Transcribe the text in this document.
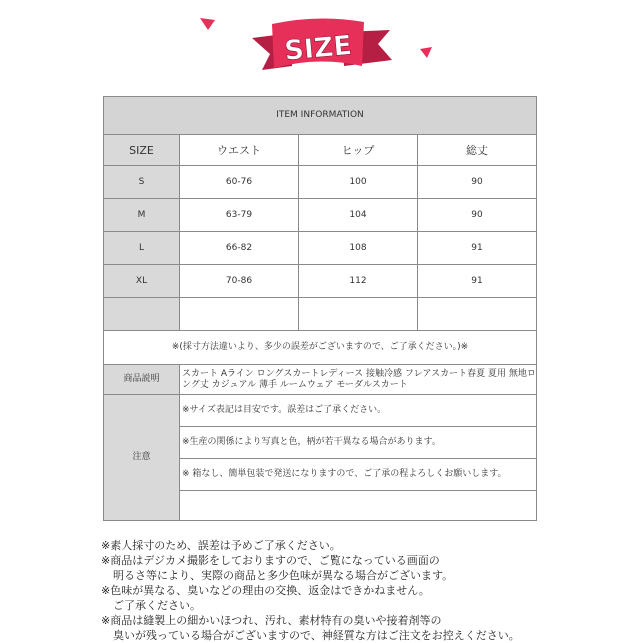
SIZE
ITEM INFORMATION			
SIZE	ウエスト	ヒップ	総丈
S	60-76	100	90
M	63-79	104	90
L	66-82	108	91
XL	70-86	112	91

※(採寸方法違いより、多少の誤差がございますので、ご了承ください。)※			
商品説明	スカート Aライン ロングスカートレディース 接触冷感 フレアスカート春夏 夏用 無地ロング丈 カジュアル 薄手 ルームウェア モーダルスカート		
注意	※サイズ表記は目安です。誤差はご了承ください。		
	※生産の関係により写真と色，柄が若干異なる場合があります。		
	※ 箱なし、簡単包装で発送になりますので、ご了承の程よろしくお願いします。		

※素人採寸のため、誤差は予めご了承ください。
※商品はデジカメ撮影をしておりますので、ご覧になっている画面の
明るさ等により、実際の商品と多少色味が異なる場合がございます。
※色味が異なる、臭いなどの理由の交換、返金はできかねません。
ご了承ください。
※商品は縫製上の細かいほつれ、汚れ、素材特有の臭いや接着剤等の
臭いが残っている場合がございますので、神経質な方はご注文をお控えください。
